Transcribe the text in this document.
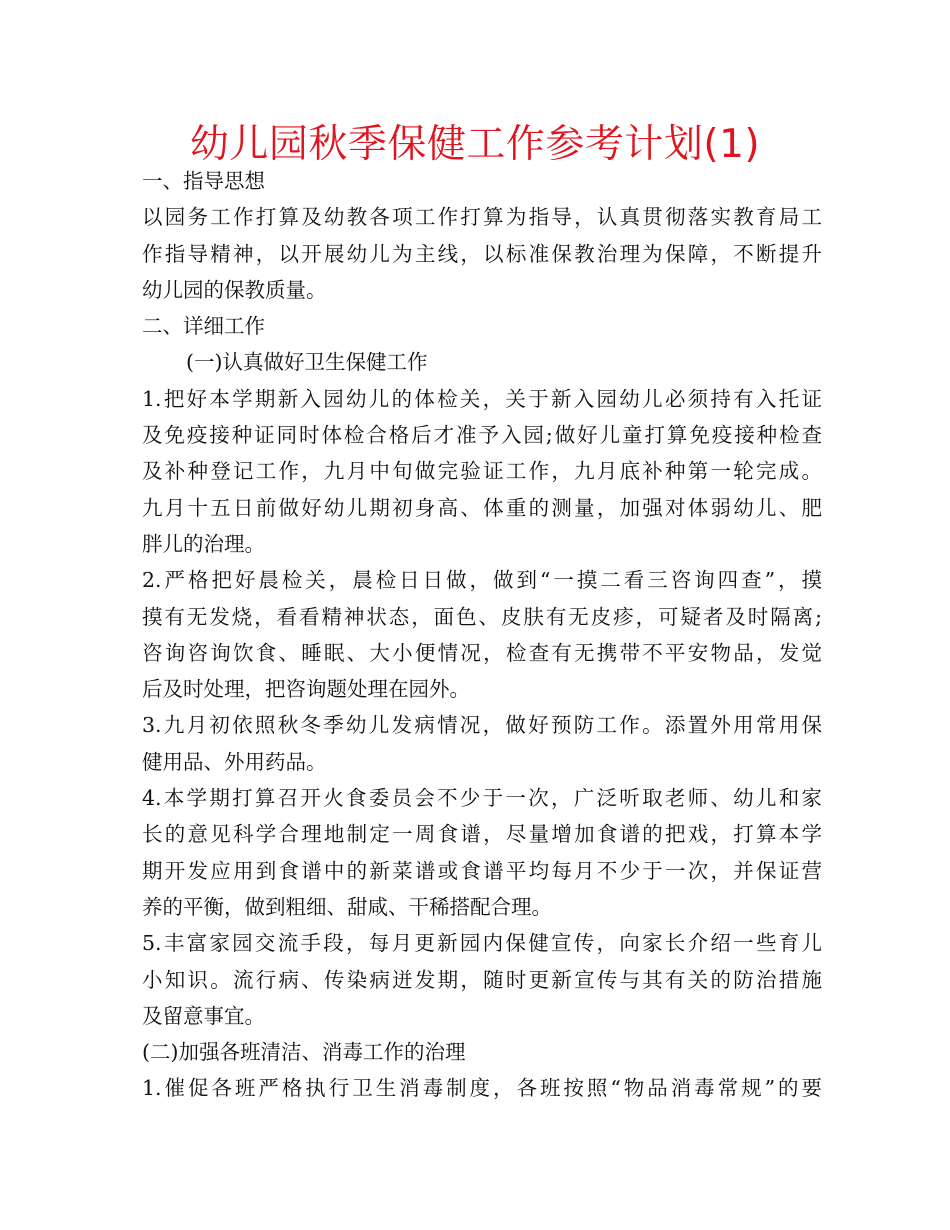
幼儿园秋季保健工作参考计划(1)
一、指导思想
以园务工作打算及幼教各项工作打算为指导，认真贯彻落实教育局工
作指导精神，以开展幼儿为主线，以标准保教治理为保障，不断提升
幼儿园的保教质量。
二、详细工作
(一)认真做好卫生保健工作
1.把好本学期新入园幼儿的体检关，关于新入园幼儿必须持有入托证
及免疫接种证同时体检合格后才准予入园;做好儿童打算免疫接种检查
及补种登记工作，九月中旬做完验证工作，九月底补种第一轮完成。
九月十五日前做好幼儿期初身高、体重的测量，加强对体弱幼儿、肥
胖儿的治理。
2.严格把好晨检关，晨检日日做，做到“一摸二看三咨询四查”，摸
摸有无发烧，看看精神状态，面色、皮肤有无皮疹，可疑者及时隔离;
咨询咨询饮食、睡眠、大小便情况，检查有无携带不平安物品，发觉
后及时处理，把咨询题处理在园外。
3.九月初依照秋冬季幼儿发病情况，做好预防工作。添置外用常用保
健用品、外用药品。
4.本学期打算召开火食委员会不少于一次，广泛听取老师、幼儿和家
长的意见科学合理地制定一周食谱，尽量增加食谱的把戏，打算本学
期开发应用到食谱中的新菜谱或食谱平均每月不少于一次，并保证营
养的平衡，做到粗细、甜咸、干稀搭配合理。
5.丰富家园交流手段，每月更新园内保健宣传，向家长介绍一些育儿
小知识。流行病、传染病迸发期，随时更新宣传与其有关的防治措施
及留意事宜。
(二)加强各班清洁、消毒工作的治理
1.催促各班严格执行卫生消毒制度，各班按照“物品消毒常规”的要
